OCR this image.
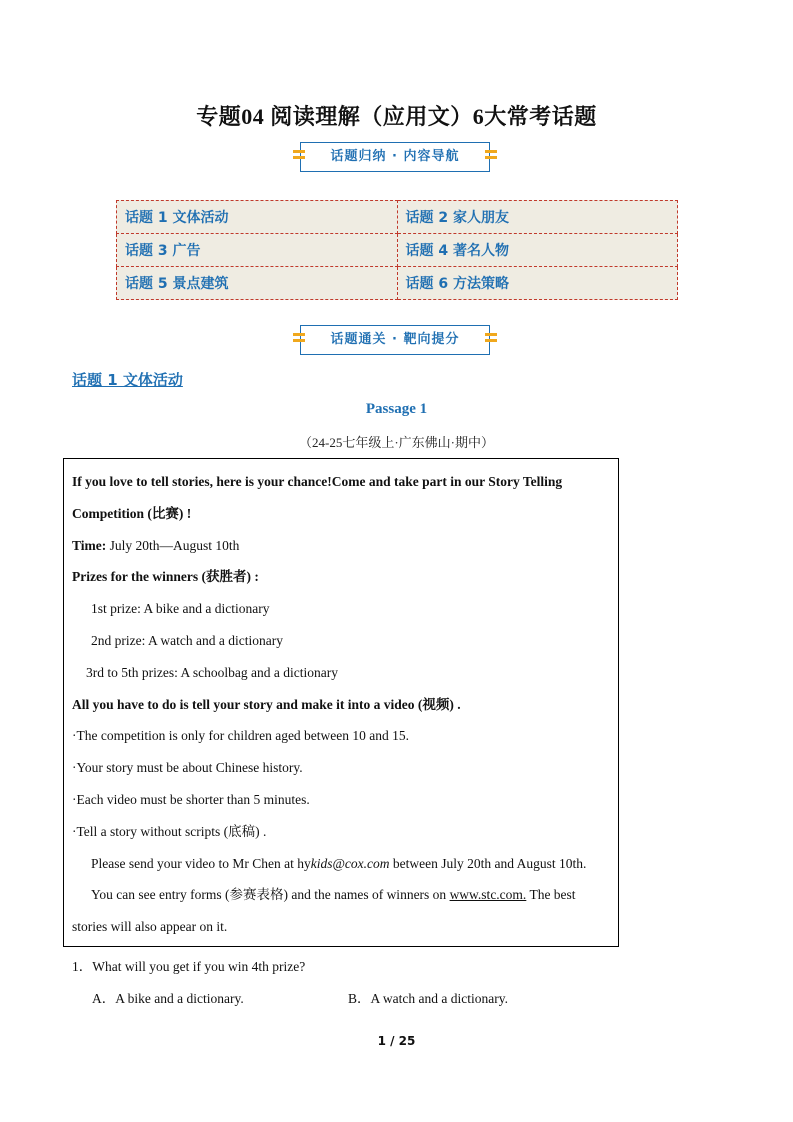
专题04 阅读理解（应用文）6大常考话题
话题归纳 · 内容导航
话题 1 文体活动	话题 2 家人朋友
话题 3 广告	话题 4 著名人物
话题 5 景点建筑	话题 6 方法策略
话题通关 · 靶向提分
话题 1 文体活动
Passage 1
（24-25七年级上·广东佛山·期中）

If you love to tell stories, here is your chance!Come and take part in our Story Telling

Competition (比赛) !

Time: July 20th—August 10th

Prizes for the winners (获胜者) :

1st prize: A bike and a dictionary

2nd prize: A watch and a dictionary

3rd to 5th prizes: A schoolbag and a dictionary

All you have to do is tell your story and make it into a video (视频) .

·The competition is only for children aged between 10 and 15.

·Your story must be about Chinese history.

·Each video must be shorter than 5 minutes.

·Tell a story without scripts (底稿) .

Please send your video to Mr Chen at hykids@cox.com between July 20th and August 10th.

You can see entry forms (参赛表格) and the names of winners on www.stc.com. The best

stories will also appear on it.

1．What will you get if you win 4th prize?
A．A bike and a dictionary.	B．A watch and a dictionary.
1 / 25
